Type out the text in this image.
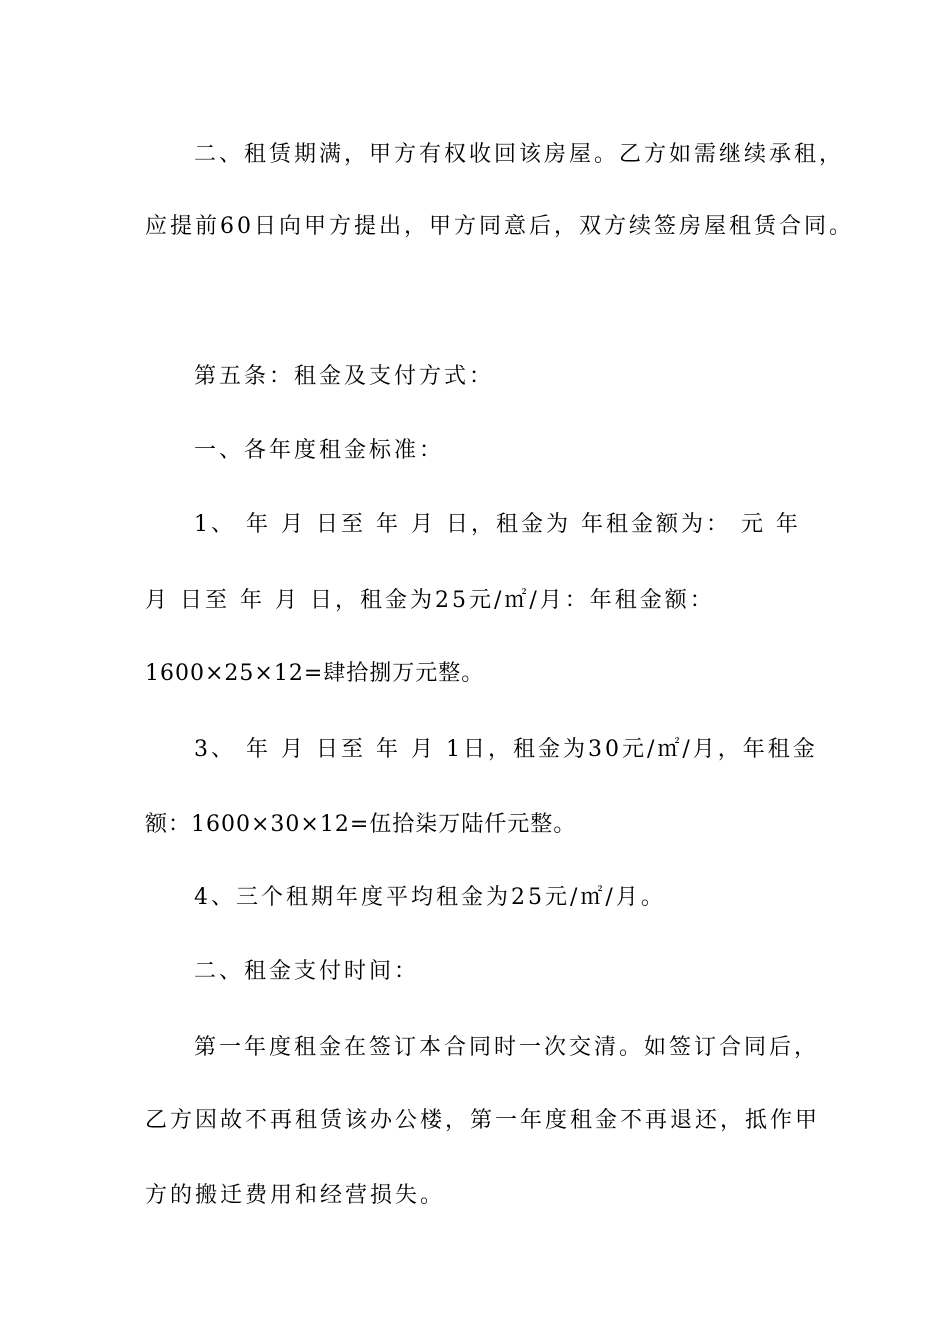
二、租赁期满，甲方有权收回该房屋。乙方如需继续承租，
应提前60日向甲方提出，甲方同意后，双方续签房屋租赁合同。
第五条：租金及支付方式：
一、各年度租金标准：
1、 年 月 日至 年 月 日，租金为 年租金额为： 元 年
月 日至 年 月 日，租金为25元/㎡/月：年租金额：
1600×25×12=肆拾捌万元整。
3、 年 月 日至 年 月 1日，租金为30元/㎡/月，年租金
额：1600×30×12=伍拾柒万陆仟元整。
4、三个租期年度平均租金为25元/㎡/月。
二、租金支付时间：
第一年度租金在签订本合同时一次交清。如签订合同后，
乙方因故不再租赁该办公楼，第一年度租金不再退还，抵作甲
方的搬迁费用和经营损失。
